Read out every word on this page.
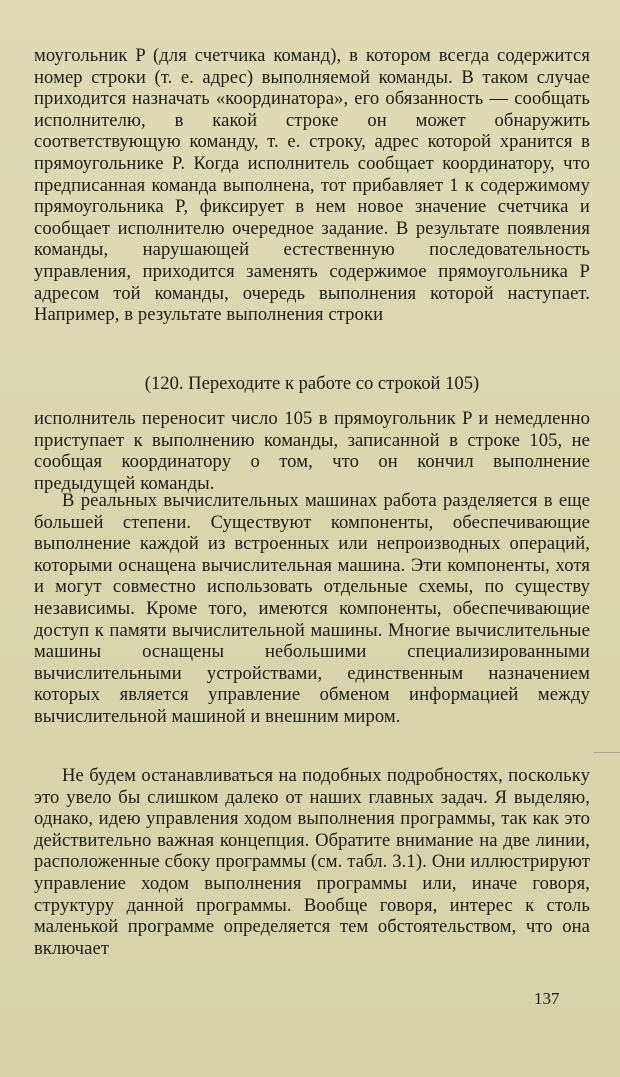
моугольник P (для счетчика команд), в котором всегда содержится номер строки (т. е. адрес) выполняемой команды. В таком случае приходится назначать «координатора», его обязанность — сообщать исполнителю, в какой строке он может обнаружить соответствующую команду, т. е. строку, адрес которой хранится в прямоугольнике P. Когда исполнитель сообщает координатору, что предписанная команда выполнена, тот прибавляет 1 к содержимому прямоугольника P, фиксирует в нем новое значение счетчика и сообщает исполнителю очередное задание. В результате появления команды, нарушающей естественную последовательность управления, приходится заменять содержимое прямоугольника P адресом той команды, очередь выполнения которой наступает. Например, в результате выполнения строки

(120. Переходите к работе со строкой 105)

исполнитель переносит число 105 в прямоугольник P и немедленно приступает к выполнению команды, записанной в строке 105, не сообщая координатору о том, что он кончил выполнение предыдущей команды.

В реальных вычислительных машинах работа разделяется в еще большей степени. Существуют компоненты, обеспечивающие выполнение каждой из встроенных или непроизводных операций, которыми оснащена вычислительная машина. Эти компоненты, хотя и могут совместно использовать отдельные схемы, по существу независимы. Кроме того, имеются компоненты, обеспечивающие доступ к памяти вычислительной машины. Многие вычислительные машины оснащены небольшими специализированными вычислительными устройствами, единственным назначением которых является управление обменом информацией между вычислительной машиной и внешним миром.

Не будем останавливаться на подобных подробностях, поскольку это увело бы слишком далеко от наших главных задач. Я выделяю, однако, идею управления ходом выполнения программы, так как это действительно важная концепция. Обратите внимание на две линии, расположенные сбоку программы (см. табл. 3.1). Они иллюстрируют управление ходом выполнения программы или, иначе говоря, структуру данной программы. Вообще говоря, интерес к столь маленькой программе определяется тем обстоятельством, что она включает

137
